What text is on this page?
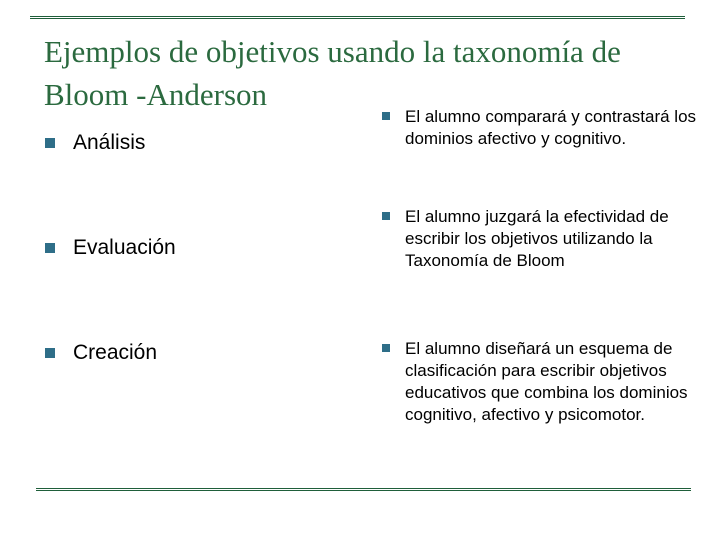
Ejemplos de objetivos usando la taxonomía de Bloom -Anderson
Análisis
Evaluación
Creación
El alumno comparará y contrastará los dominios afectivo y cognitivo.
El alumno juzgará la efectividad de escribir los objetivos utilizando la Taxonomía de Bloom
El alumno diseñará un esquema de clasificación para escribir objetivos educativos que combina los dominios cognitivo, afectivo y psicomotor.
